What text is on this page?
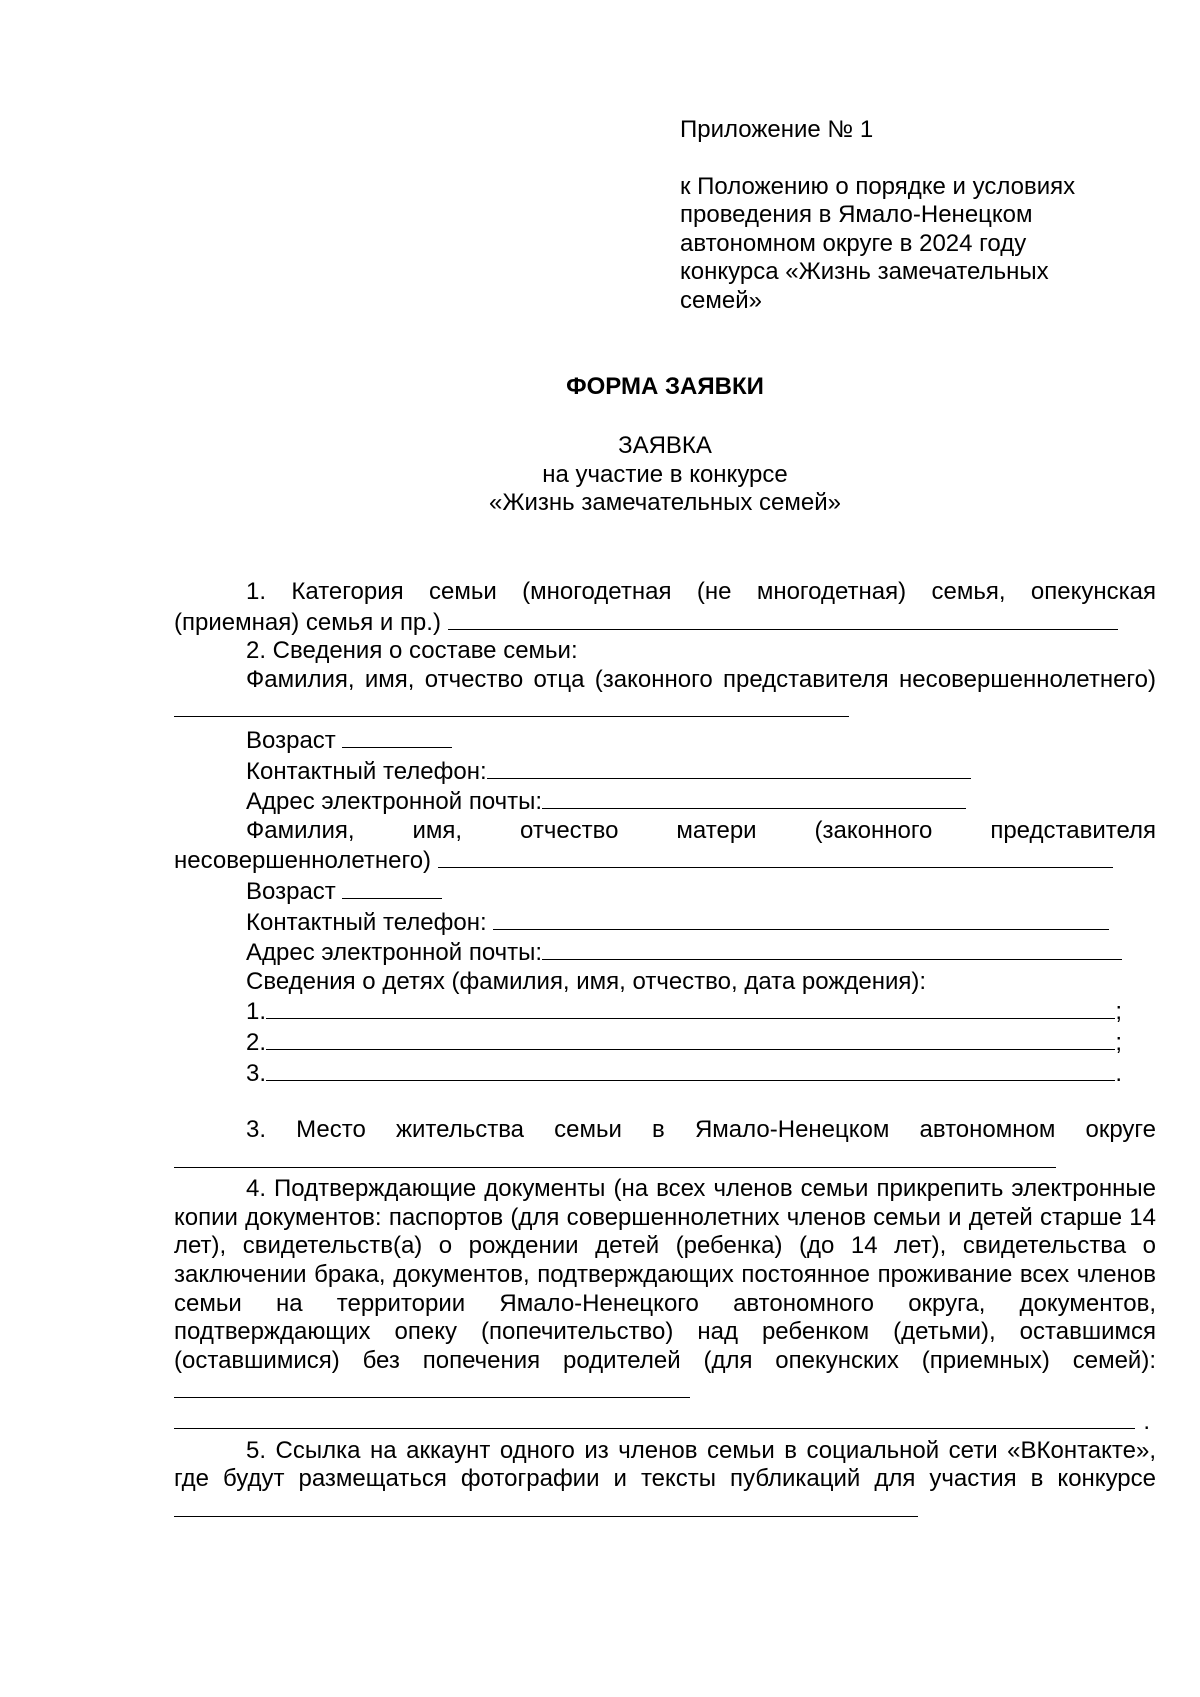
Приложение № 1
к Положению о порядке и условиях
проведения в Ямало-Ненецком
автономном округе в 2024 году
конкурса «Жизнь замечательных
семей»
ФОРМА ЗАЯВКИ
ЗАЯВКА
на участие в конкурсе
«Жизнь замечательных семей»
1. Категория семьи (многодетная (не многодетная) семья, опекунская (приемная) семья и пр.)
2. Сведения о составе семьи:
Фамилия, имя, отчество отца (законного представителя несовершеннолетнего)
Возраст
Контактный телефон:
Адрес электронной почты:
Фамилия, имя, отчество матери (законного представителя несовершеннолетнего)
Возраст
Контактный телефон:
Адрес электронной почты:
Сведения о детях (фамилия, имя, отчество, дата рождения):
1.	;
2.	;
3.	.
3. Место жительства семьи в Ямало-Ненецком автономном округе
4. Подтверждающие документы (на всех членов семьи прикрепить электронные копии документов: паспортов (для совершеннолетних членов семьи и детей старше 14 лет), свидетельств(а) о рождении детей (ребенка) (до 14 лет), свидетельства о заключении брака, документов, подтверждающих постоянное проживание всех членов семьи на территории Ямало-Ненецкого автономного округа, документов, подтверждающих опеку (попечительство) над ребенком (детьми), оставшимся (оставшимися) без попечения родителей (для опекунских (приемных) семей):
.
5. Ссылка на аккаунт одного из членов семьи в социальной сети «ВКонтакте», где будут размещаться фотографии и тексты публикаций для участия в конкурсе
